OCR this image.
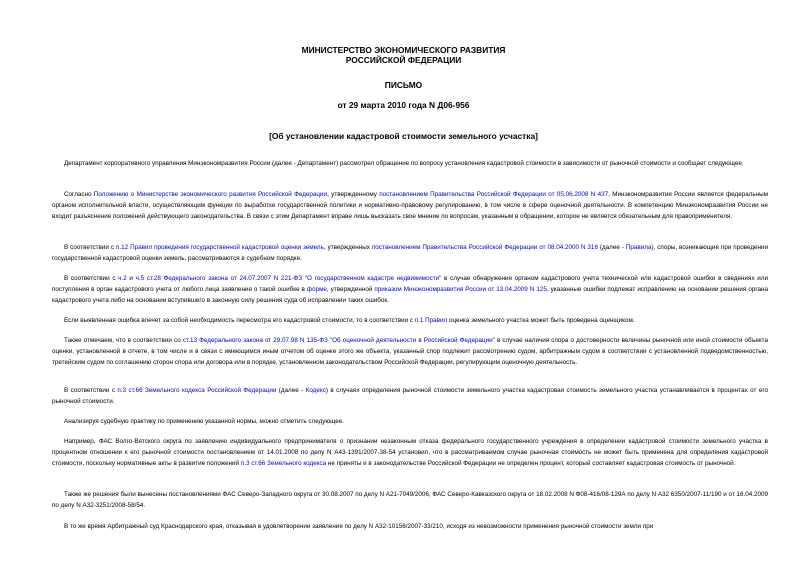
МИНИСТЕРСТВО ЭКОНОМИЧЕСКОГО РАЗВИТИЯ
РОССИЙСКОЙ ФЕДЕРАЦИИ
ПИСЬМО
от 29 марта 2010 года N Д06-956
[Об установлении кадастровой стоимости земельного усчастка]

Департамент корпоративного управления Минэкономразвития России (далее - Департамент) рассмотрел обращение по вопросу установления кадастровой стоимости в зависимости от рыночной стоимости и сообщает следующее.

Согласно Положению о Министерстве экономического развития Российской Федерации, утвержденному постановлением Правительства Российской Федерации от 05.06.2008 N 437, Минэкономразвития России является федеральным органом исполнительной власти, осуществляющим функции по выработке государственной политики и нормативно-правовому регулированию, в том числе в сфере оценочной деятельности. В компетенцию Минэкономразвития России не входит разъяснение положений действующего законодательства. В связи с этим Департамент вправе лишь высказать свое мнение по вопросам, указанным в обращении, которое не является обязательным для правоприменителя.

В соответствии с п.12 Правил проведения государственной кадастровой оценки земель, утвержденных постановлением Правительства Российской Федерации от 08.04.2000 N 316 (далее - Правила), споры, возникающие при проведении государственной кадастровой оценки земель, рассматриваются в судебном порядке.

В соответствии с ч.2 и ч.5 ст.28 Федерального закона от 24.07.2007 N 221-ФЗ "О государственном кадастре недвижимости" в случае обнаружения органом кадастрового учета технической или кадастровой ошибки в сведениях или поступления в орган кадастрового учета от любого лица заявления о такой ошибке в форме, утвержденной приказом Минэкономразвития России от 13.04.2009 N 125, указанные ошибки подлежат исправлению на основании решения органа кадастрового учета либо на основании вступившего в законную силу решения суда об исправлении таких ошибок.

Если выявленная ошибка влечет за собой необходимость пересмотра его кадастровой стоимости, то в соответствии с п.1 Правил оценка земельного участка может быть проведена оценщиком.

Также отмечаем, что в соответствии со ст.13 Федерального закона от 29.07.98 N 135-ФЗ "Об оценочной деятельности в Российской Федерации" в случае наличия спора о достоверности величины рыночной или иной стоимости объекта оценки, установленной в отчете, в том числе и в связи с имеющимся иным отчетом об оценке этого же объекта, указанный спор подлежит рассмотрению судом, арбитражным судом в соответствии с установленной подведомственностью, третейским судом по соглашению сторон спора или договора или в порядке, установленном законодательством Российской Федерации, регулирующим оценочную деятельность.

В соответствии с п.3 ст.66 Земельного кодекса Российской Федерации (далее - Кодекс) в случаях определения рыночной стоимости земельного участка кадастровая стоимость земельного участка устанавливается в процентах от его рыночной стоимости.

Анализируя судебную практику по применению указанной нормы, можно отметить следующее.

Например, ФАС Волго-Вятского округа по заявлению индивидуального предпринимателя о признании незаконным отказа федерального государственного учреждения в определении кадастровой стоимости земельного участка в процентном отношении к его рыночной стоимости постановлением от 14.01.2008 по делу N А43-1391/2007-38-54 установил, что в рассматриваемом случае рыночная стоимость не может быть применена для определения кадастровой стоимости, поскольку нормативные акты в развитие положений п.3 ст.66 Земельного кодекса не приняты и в законодательстве Российской Федерации не определен процент, который составляет кадастровая стоимость от рыночной.

Также же решения были вынесены постановлениями ФАС Северо-Западного округа от 30.08.2007 по делу N А21-7049/2006, ФАС Северо-Кавказского округа от 18.02.2008 N Ф08-416/08-129А по делу N А32 6350/2007-11/190 и от 16.04.2009 по делу N А32-3251/2008-58/54.

В то же время Арбитражный суд Краснодарского края, отказывая в удовлетворении заявления по делу N А32-10156/2007-33/210, исходя из невозможности применения рыночной стоимости земли при
